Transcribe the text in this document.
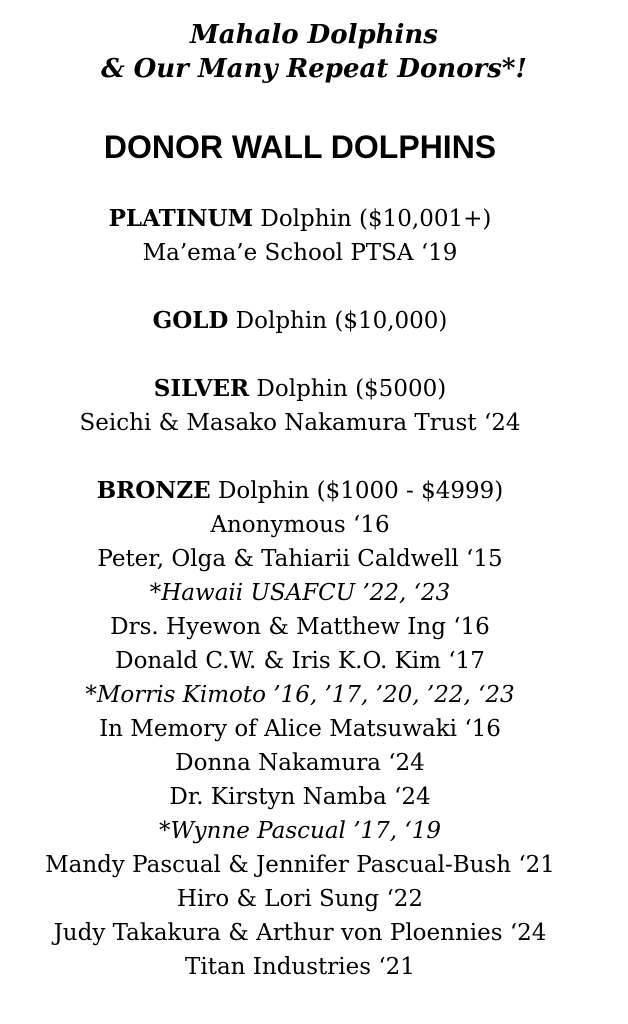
Mahalo Dolphins

& Our Many Repeat Donors*!

DONOR WALL DOLPHINS

PLATINUM Dolphin ($10,001+)

Ma’ema’e School PTSA ‘19

GOLD Dolphin ($10,000)

SILVER Dolphin ($5000)

Seichi & Masako Nakamura Trust ‘24

BRONZE Dolphin ($1000 - $4999)

Anonymous ‘16

Peter, Olga & Tahiarii Caldwell ‘15

*Hawaii USAFCU ’22, ‘23

Drs. Hyewon & Matthew Ing ‘16

Donald C.W. & Iris K.O. Kim ‘17

*Morris Kimoto ’16, ’17, ’20, ’22, ‘23

In Memory of Alice Matsuwaki ‘16

Donna Nakamura ‘24

Dr. Kirstyn Namba ‘24

*Wynne Pascual ’17, ‘19

Mandy Pascual & Jennifer Pascual-Bush ‘21

Hiro & Lori Sung ‘22

Judy Takakura & Arthur von Ploennies ‘24

Titan Industries ‘21
